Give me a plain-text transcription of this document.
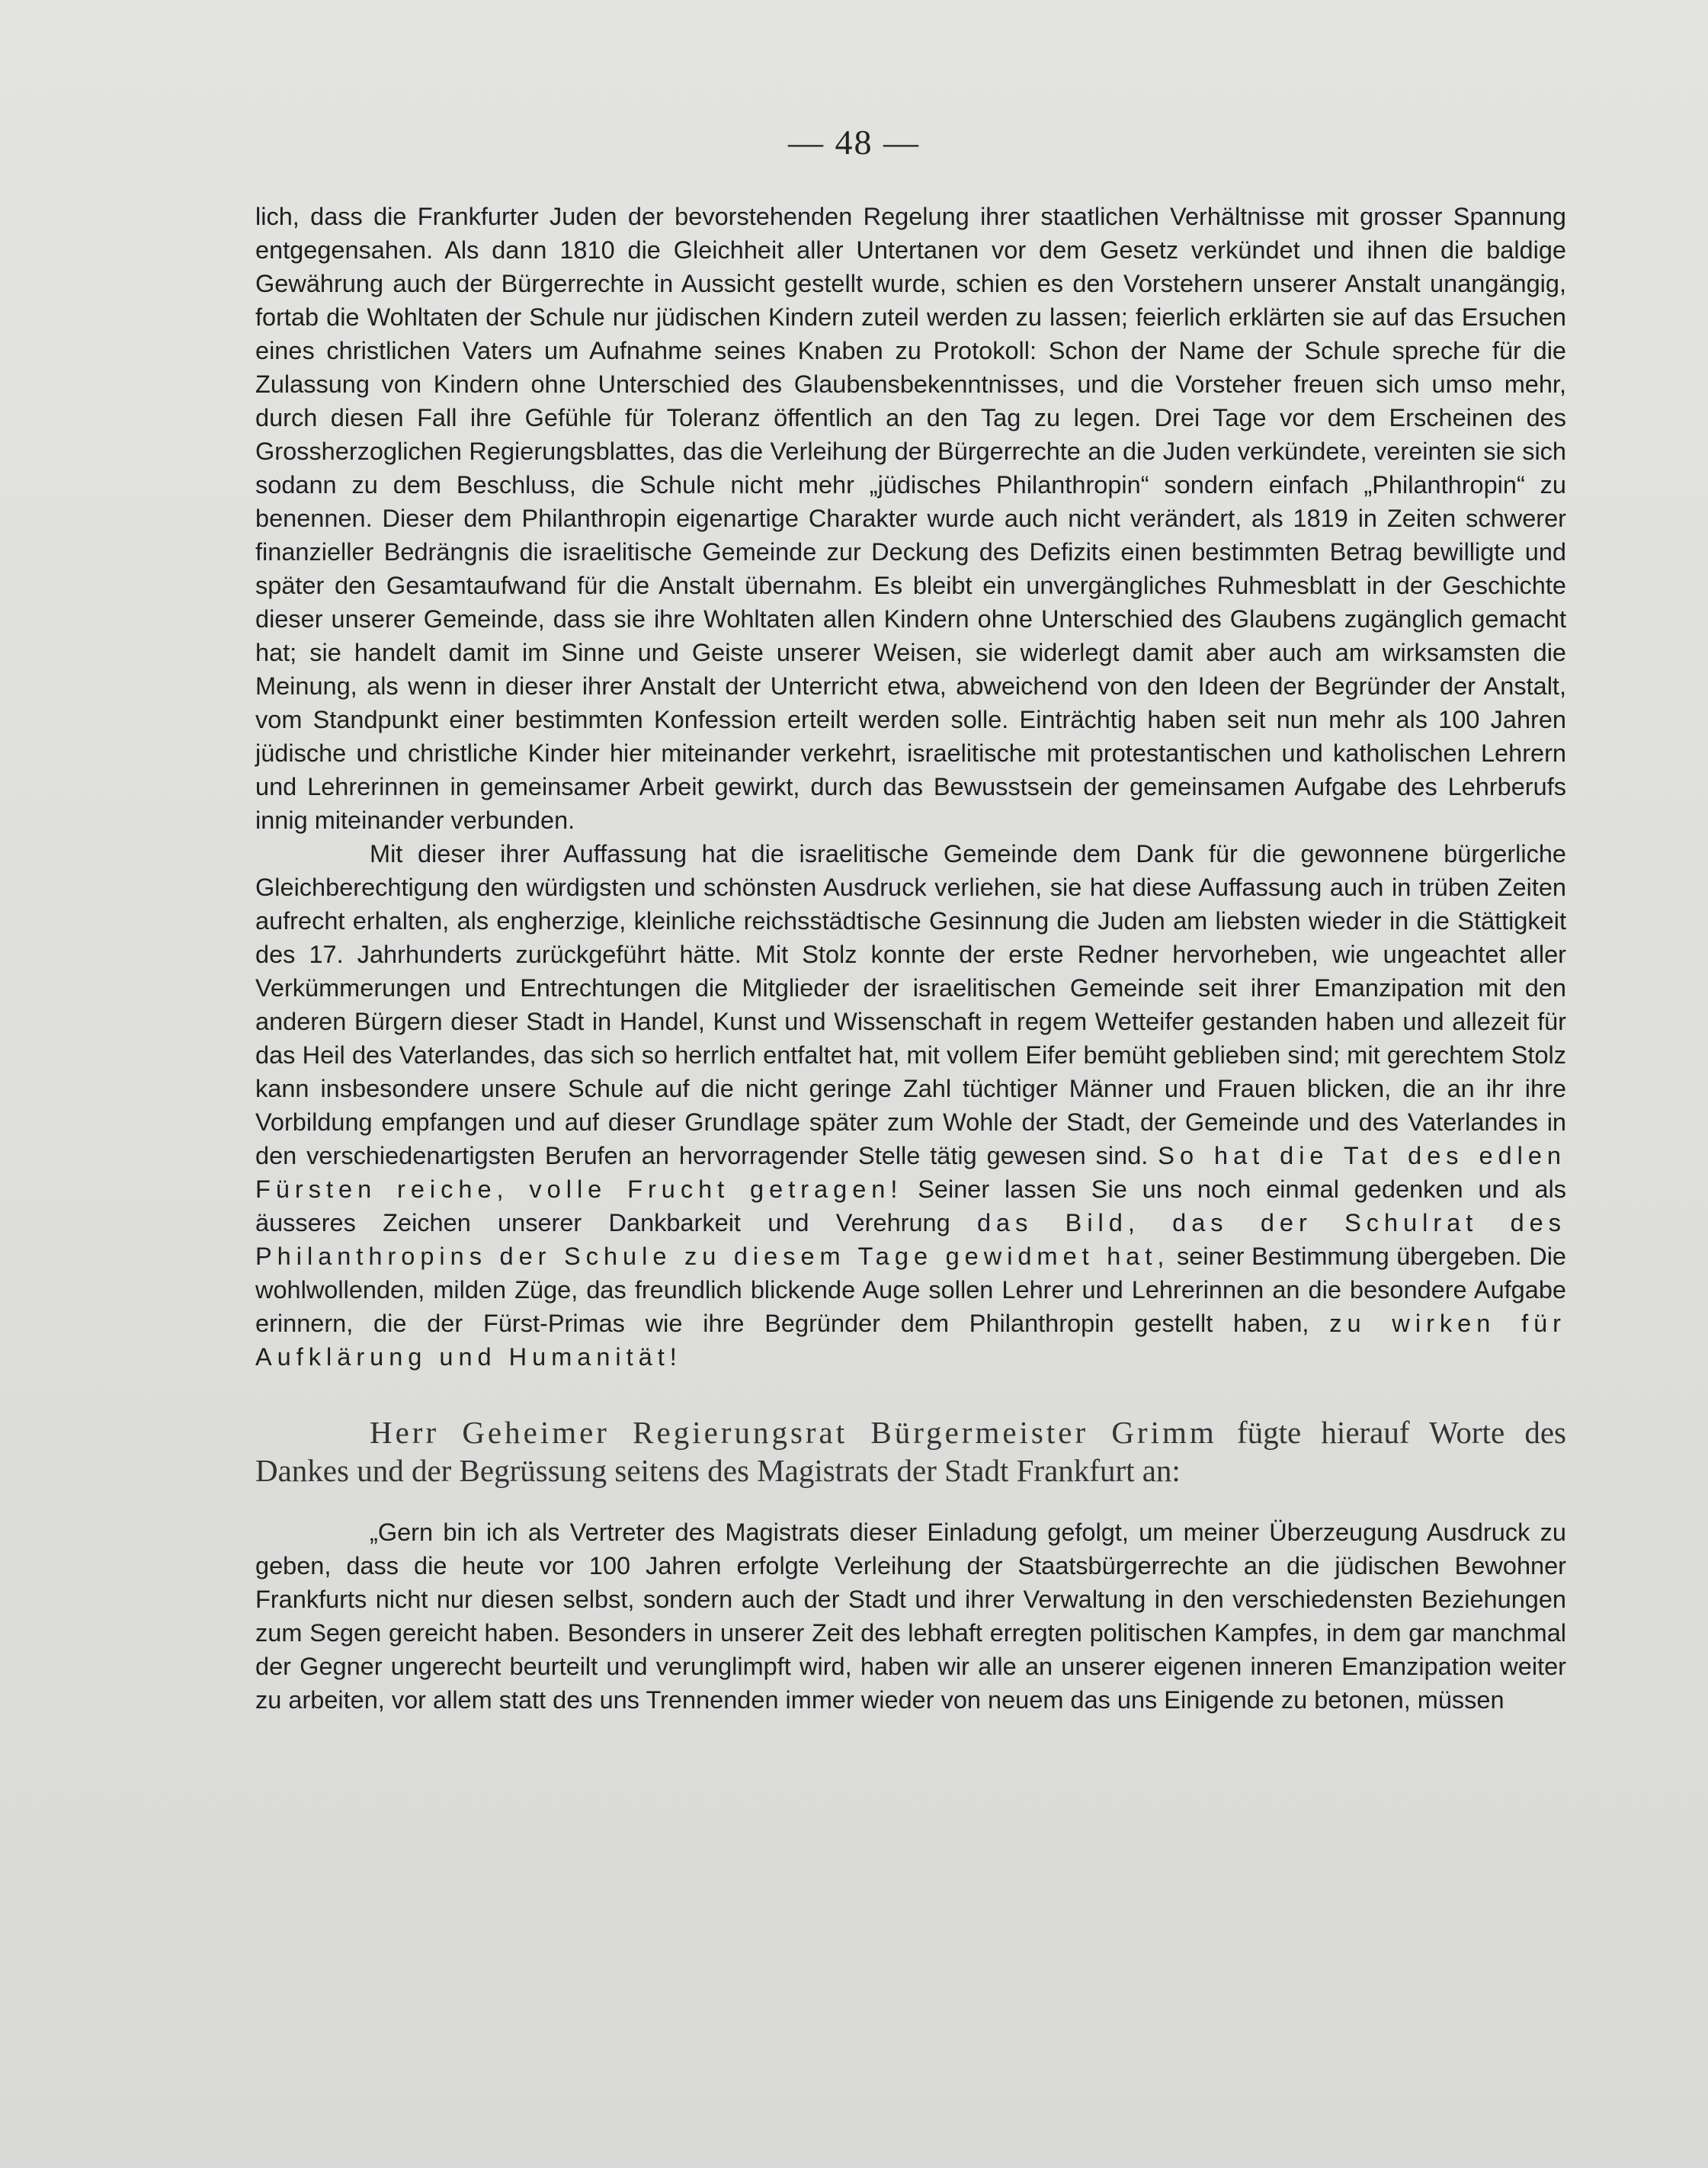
— 48 —

lich, dass die Frankfurter Juden der bevorstehenden Regelung ihrer staatlichen Verhältnisse mit grosser Spannung entgegensahen. Als dann 1810 die Gleichheit aller Untertanen vor dem Gesetz verkündet und ihnen die baldige Gewährung auch der Bürgerrechte in Aussicht gestellt wurde, schien es den Vorstehern unserer Anstalt unangängig, fortab die Wohltaten der Schule nur jüdischen Kindern zuteil werden zu lassen; feierlich erklärten sie auf das Ersuchen eines christlichen Vaters um Aufnahme seines Knaben zu Protokoll: Schon der Name der Schule spreche für die Zulassung von Kindern ohne Unterschied des Glaubensbekenntnisses, und die Vorsteher freuen sich umso mehr, durch diesen Fall ihre Gefühle für Toleranz öffentlich an den Tag zu legen. Drei Tage vor dem Erscheinen des Grossherzoglichen Regierungsblattes, das die Verleihung der Bürgerrechte an die Juden verkündete, vereinten sie sich sodann zu dem Beschluss, die Schule nicht mehr „jüdisches Philanthropin“ sondern einfach „Philanthropin“ zu benennen. Dieser dem Philanthropin eigenartige Charakter wurde auch nicht verändert, als 1819 in Zeiten schwerer finanzieller Bedrängnis die israelitische Gemeinde zur Deckung des Defizits einen bestimmten Betrag bewilligte und später den Gesamtaufwand für die Anstalt übernahm. Es bleibt ein unvergängliches Ruhmesblatt in der Geschichte dieser unserer Gemeinde, dass sie ihre Wohltaten allen Kindern ohne Unterschied des Glaubens zugänglich gemacht hat; sie handelt damit im Sinne und Geiste unserer Weisen, sie widerlegt damit aber auch am wirksamsten die Meinung, als wenn in dieser ihrer Anstalt der Unterricht etwa, abweichend von den Ideen der Begründer der Anstalt, vom Standpunkt einer bestimmten Konfession erteilt werden solle. Einträchtig haben seit nun mehr als 100 Jahren jüdische und christliche Kinder hier miteinander verkehrt, israelitische mit protestantischen und katholischen Lehrern und Lehrerinnen in gemeinsamer Arbeit gewirkt, durch das Bewusstsein der gemeinsamen Aufgabe des Lehrberufs innig miteinander verbunden.

Mit dieser ihrer Auffassung hat die israelitische Gemeinde dem Dank für die gewonnene bürgerliche Gleichberechtigung den würdigsten und schönsten Ausdruck verliehen, sie hat diese Auffassung auch in trüben Zeiten aufrecht erhalten, als engherzige, kleinliche reichsstädtische Gesinnung die Juden am liebsten wieder in die Stättigkeit des 17. Jahrhunderts zurückgeführt hätte. Mit Stolz konnte der erste Redner hervorheben, wie ungeachtet aller Verkümmerungen und Entrechtungen die Mitglieder der israelitischen Gemeinde seit ihrer Emanzipation mit den anderen Bürgern dieser Stadt in Handel, Kunst und Wissenschaft in regem Wetteifer gestanden haben und allezeit für das Heil des Vaterlandes, das sich so herrlich entfaltet hat, mit vollem Eifer bemüht geblieben sind; mit gerechtem Stolz kann insbesondere unsere Schule auf die nicht geringe Zahl tüchtiger Männer und Frauen blicken, die an ihr ihre Vorbildung empfangen und auf dieser Grundlage später zum Wohle der Stadt, der Gemeinde und des Vaterlandes in den verschiedenartigsten Berufen an hervorragender Stelle tätig gewesen sind. So hat die Tat des edlen Fürsten reiche, volle Frucht getragen! Seiner lassen Sie uns noch einmal gedenken und als äusseres Zeichen unserer Dankbarkeit und Verehrung das Bild, das der Schulrat des Philanthropins der Schule zu diesem Tage gewidmet hat, seiner Bestimmung übergeben. Die wohlwollenden, milden Züge, das freundlich blickende Auge sollen Lehrer und Lehrerinnen an die besondere Aufgabe erinnern, die der Fürst-Primas wie ihre Begründer dem Philanthropin gestellt haben, zu wirken für Aufklärung und Humanität!

Herr Geheimer Regierungsrat Bürgermeister Grimm fügte hierauf Worte des Dankes und der Begrüssung seitens des Magistrats der Stadt Frankfurt an:

„Gern bin ich als Vertreter des Magistrats dieser Einladung gefolgt, um meiner Überzeugung Ausdruck zu geben, dass die heute vor 100 Jahren erfolgte Verleihung der Staatsbürgerrechte an die jüdischen Bewohner Frankfurts nicht nur diesen selbst, sondern auch der Stadt und ihrer Verwaltung in den verschiedensten Beziehungen zum Segen gereicht haben. Besonders in unserer Zeit des lebhaft erregten politischen Kampfes, in dem gar manchmal der Gegner ungerecht beurteilt und verunglimpft wird, haben wir alle an unserer eigenen inneren Emanzipation weiter zu arbeiten, vor allem statt des uns Trennenden immer wieder von neuem das uns Einigende zu betonen, müssen
